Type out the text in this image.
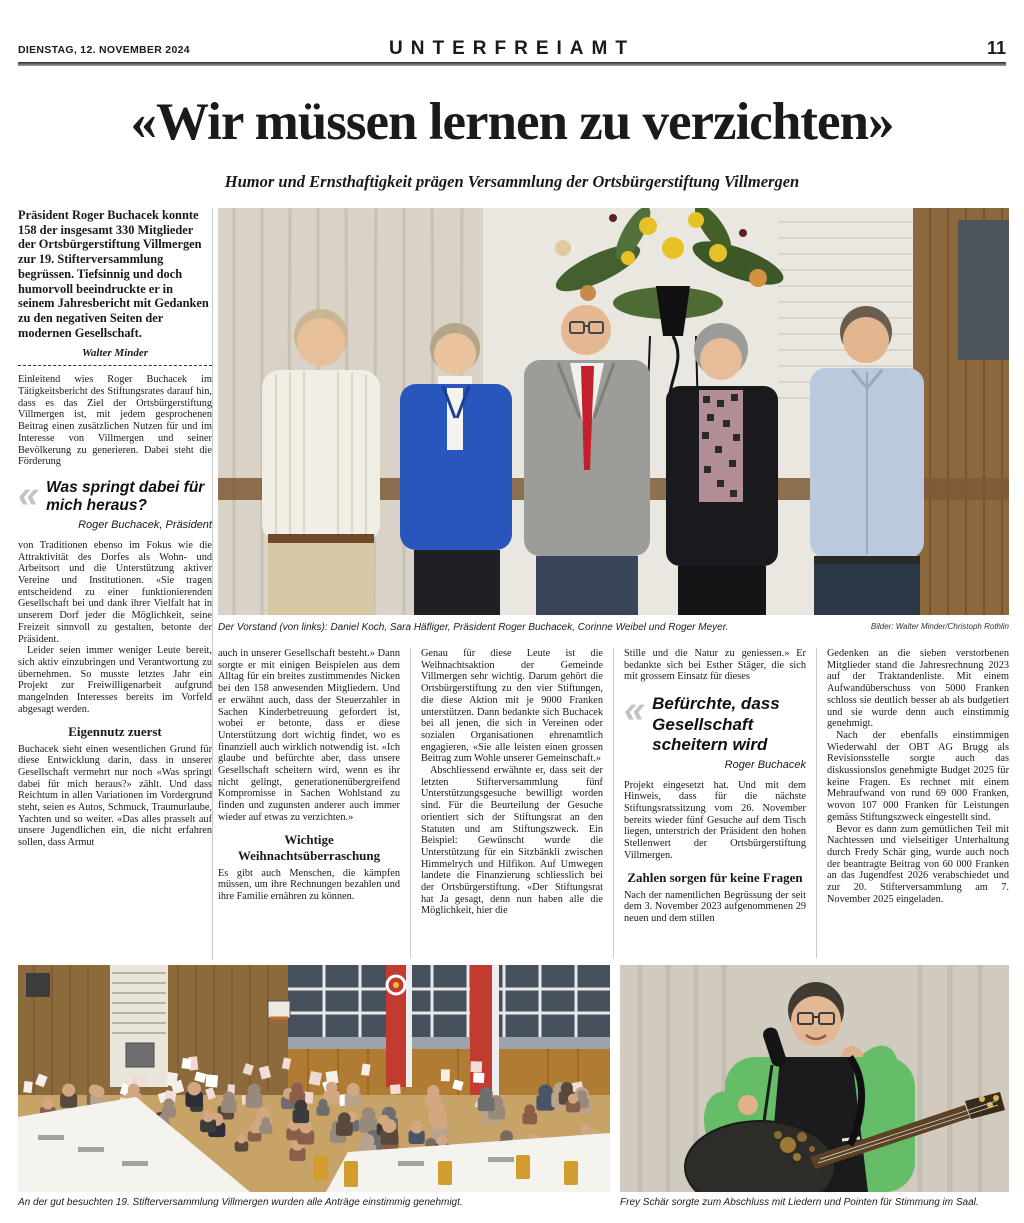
DIENSTAG, 12. NOVEMBER 2024	UNTERFREIAMT	11
«Wir müssen lernen zu verzichten»
Humor und Ernsthaftigkeit prägen Versammlung der Ortsbürgerstiftung Villmergen
Präsident Roger Buchacek konnte 158 der insgesamt 330 Mitglieder der Ortsbürgerstiftung Villmergen zur 19. Stifterversammlung begrüssen. Tiefsinnig und doch humorvoll beeindruckte er in seinem Jahresbericht mit Gedanken zu den negativen Seiten der modernen Gesellschaft.
Walter Minder

Einleitend wies Roger Buchacek im Tätigkeitsbericht des Stiftungsrates darauf hin, dass es das Ziel der Ortsbürgerstiftung Villmergen ist, mit jedem gesprochenen Beitrag einen zusätzlichen Nutzen für und im Interesse von Villmergen und seiner Bevölkerung zu generieren. Dabei steht die Förderung

« Was springt dabei für mich heraus?
Roger Buchacek, Präsident

von Traditionen ebenso im Fokus wie die Attraktivität des Dorfes als Wohn- und Arbeitsort und die Unterstützung aktiver Vereine und Institutionen. «Sie tragen entscheidend zu einer funktionierenden Gesellschaft bei und dank ihrer Vielfalt hat in unserem Dorf jeder die Möglichkeit, seine Freizeit sinnvoll zu gestalten, betonte der Präsident.

Leider seien immer weniger Leute bereit, sich aktiv einzubringen und Verantwortung zu übernehmen. So musste letztes Jahr ein Projekt zur Freiwilligenarbeit aufgrund mangelnden Interesses bereits im Vorfeld abgesagt werden.

Eigennutz zuerst

Buchacek sieht einen wesentlichen Grund für diese Entwicklung darin, dass in unserer Gesellschaft vermehrt nur noch «Was springt dabei für mich heraus?» zählt. Und dass Reichtum in allen Variationen im Vordergrund steht, seien es Autos, Schmuck, Traumurlaube, Yachten und so weiter. «Das alles prasselt auf unsere Jugendlichen ein, die nicht erfahren sollen, dass Armut

Der Vorstand (von links): Daniel Koch, Sara Häfliger, Präsident Roger Buchacek, Corinne Weibel und Roger Meyer.	Bilder: Walter Minder/Christoph Rothlin

auch in unserer Gesellschaft besteht.» Dann sorgte er mit einigen Beispielen aus dem Alltag für ein breites zustimmendes Nicken bei den 158 anwesenden Mitgliedern. Und er erwähnt auch, dass der Steuerzahler in Sachen Kinderbetreuung gefordert ist, wobei er betonte, dass er diese Unterstützung dort wichtig findet, wo es finanziell auch wirklich notwendig ist. «Ich glaube und befürchte aber, dass unsere Gesellschaft scheitern wird, wenn es ihr nicht gelingt, generationenübergreifend Kompromisse in Sachen Wohlstand zu finden und zugunsten anderer auch immer wieder auf etwas zu verzichten.»

Wichtige Weihnachtsüberraschung

Es gibt auch Menschen, die kämpfen müssen, um ihre Rechnungen bezahlen und ihre Familie ernähren zu können.

Genau für diese Leute ist die Weihnachtsaktion der Gemeinde Villmergen sehr wichtig. Darum gehört die Ortsbürgerstiftung zu den vier Stiftungen, die diese Aktion mit je 9000 Franken unterstützen. Dann bedankte sich Buchacek bei all jenen, die sich in Vereinen oder sozialen Organisationen ehrenamtlich engagieren, «Sie alle leisten einen grossen Beitrag zum Wohle unserer Gemeinschaft.»

Abschliessend erwähnte er, dass seit der letzten Stifterversammlung fünf Unterstützungsgesuche bewilligt worden sind. Für die Beurteilung der Gesuche orientiert sich der Stiftungsrat an den Statuten und am Stiftungszweck. Ein Beispiel: Gewünscht wurde die Unterstützung für ein Sitzbänkli zwischen Himmelrych und Hilfikon. Auf Umwegen landete die Finanzierung schliesslich bei der Ortsbürgerstiftung. «Der Stiftungsrat hat Ja gesagt, denn nun haben alle die Möglichkeit, hier die

Stille und die Natur zu geniessen.» Er bedankte sich bei Esther Stäger, die sich mit grossem Einsatz für dieses

« Befürchte, dass Gesellschaft scheitern wird
Roger Buchacek

Projekt eingesetzt hat. Und mit dem Hinweis, dass für die nächste Stiftungsratssitzung vom 26. November bereits wieder fünf Gesuche auf dem Tisch liegen, unterstrich der Präsident den hohen Stellenwert der Ortsbürgerstiftung Villmergen.

Zahlen sorgen für keine Fragen

Nach der namentlichen Begrüssung der seit dem 3. November 2023 aufgenommenen 29 neuen und dem stillen

Gedenken an die sieben verstorbenen Mitglieder stand die Jahresrechnung 2023 auf der Traktandenliste. Mit einem Aufwandüberschuss von 5000 Franken schloss sie deutlich besser ab als budgetiert und sie wurde denn auch einstimmig genehmigt.

Nach der ebenfalls einstimmigen Wiederwahl der OBT AG Brugg als Revisionsstelle sorgte auch das diskussionslos genehmigte Budget 2025 für keine Fragen. Es rechnet mit einem Mehraufwand von rund 69 000 Franken, wovon 107 000 Franken für Leistungen gemäss Stiftungszweck eingestellt sind.

Bevor es dann zum gemütlichen Teil mit Nachtessen und vielseitiger Unterhaltung durch Fredy Schär ging, wurde auch noch der beantragte Beitrag von 60 000 Franken an das Jugendfest 2026 verabschiedet und zur 20. Stifterversammlung am 7. November 2025 eingeladen.

An der gut besuchten 19. Stifterversammlung Villmergen wurden alle Anträge einstimmig genehmigt.	Frey Schär sorgte zum Abschluss mit Liedern und Pointen für Stimmung im Saal.
